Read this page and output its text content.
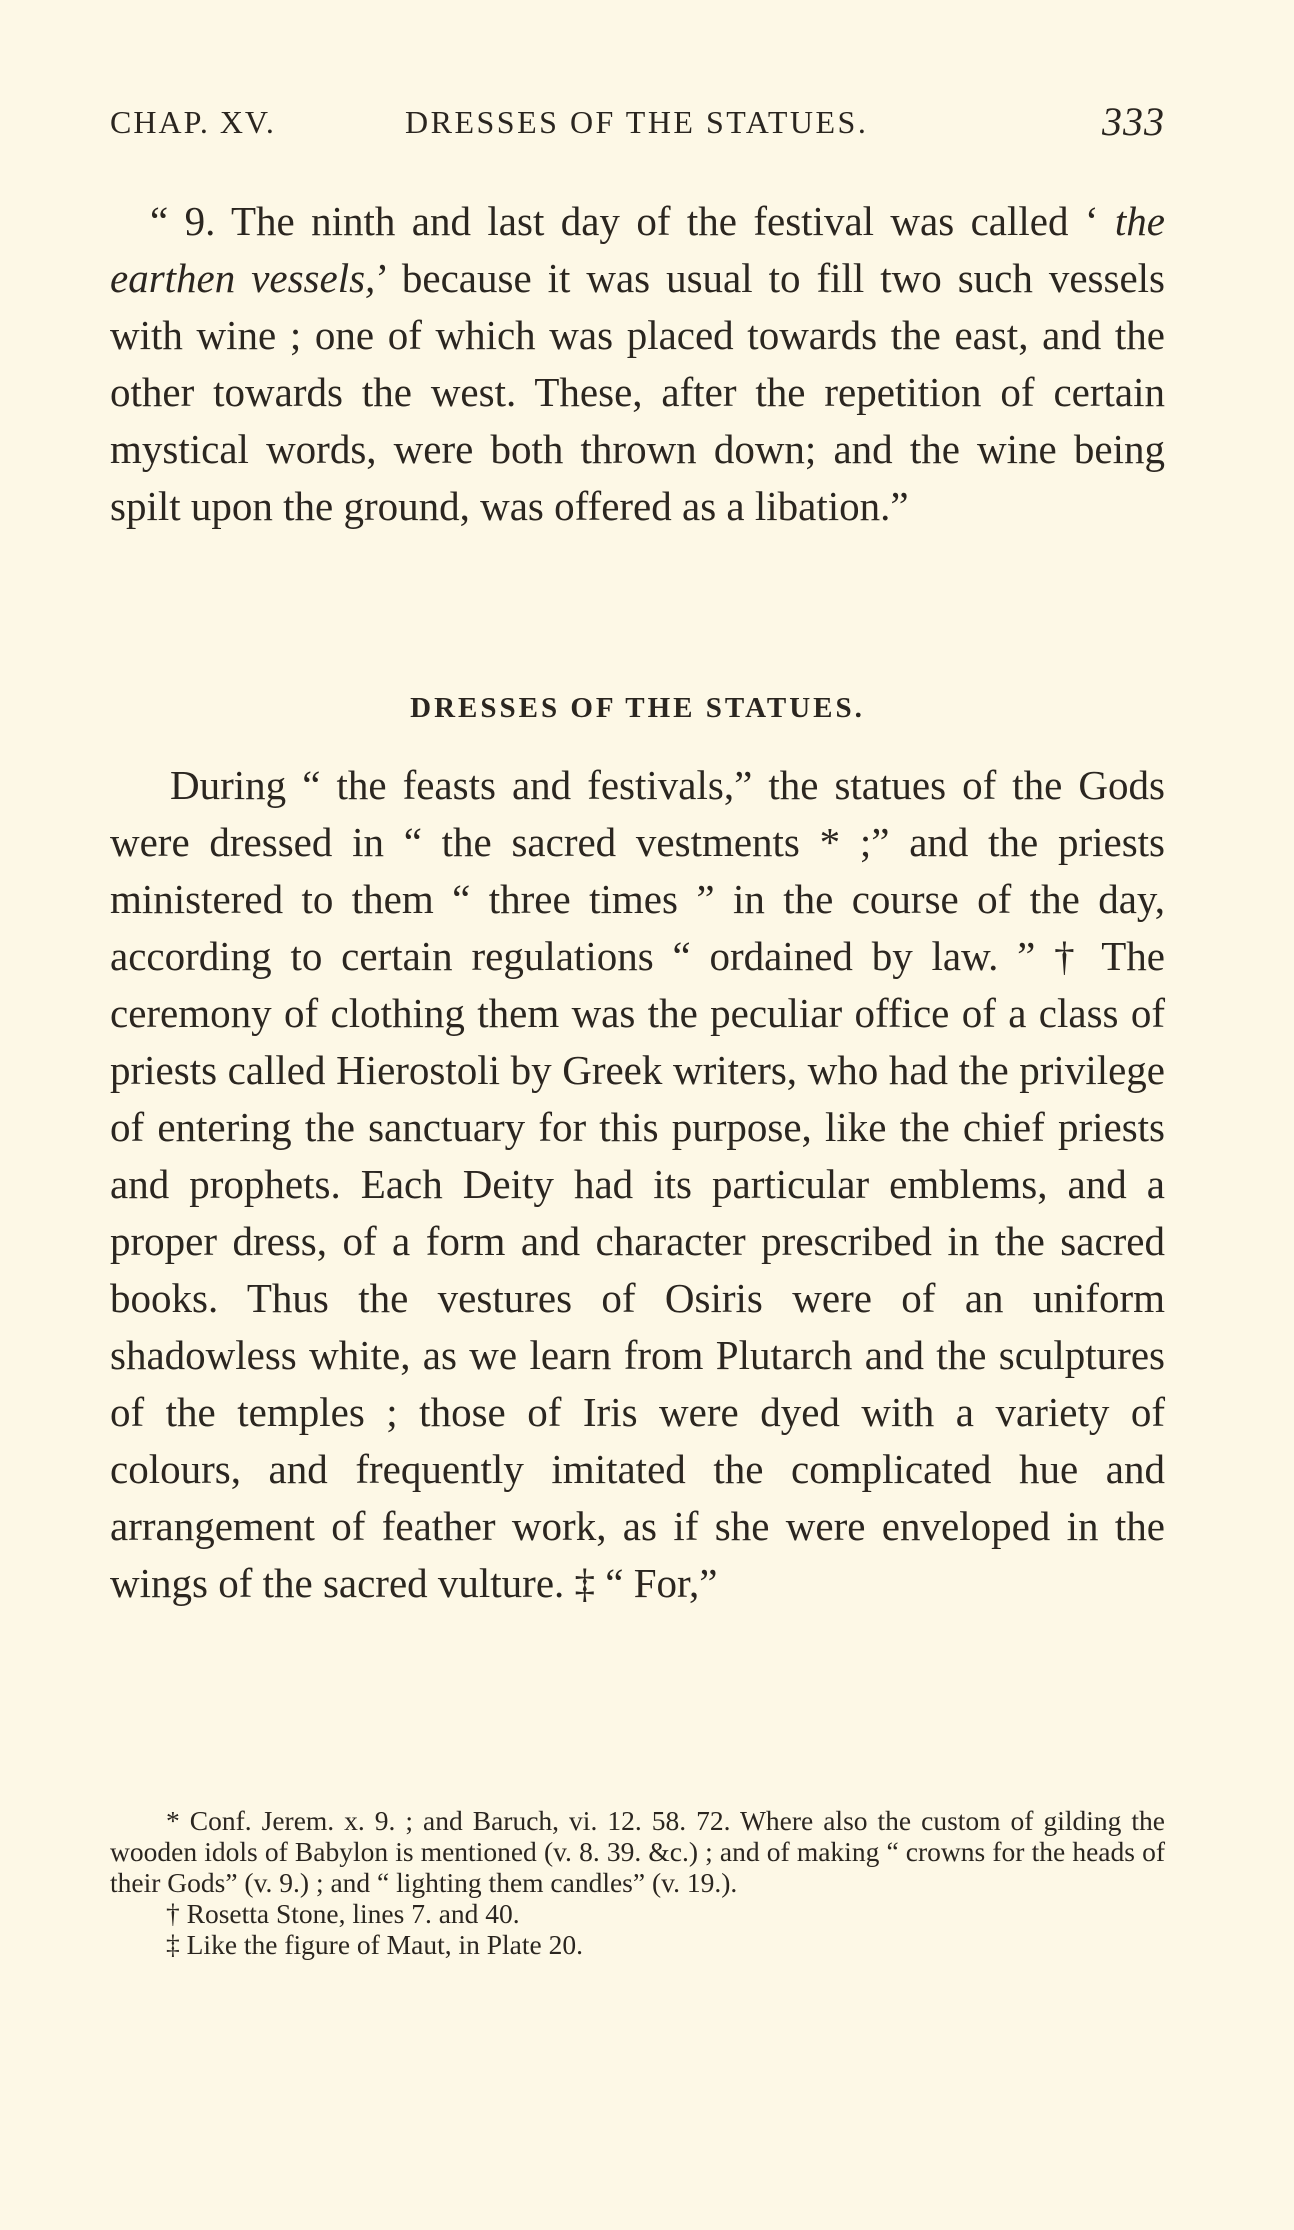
CHAP. XV.	DRESSES OF THE STATUES.	333

“ 9. The ninth and last day of the festival was called ‘ the earthen vessels,’ because it was usual to fill two such vessels with wine ; one of which was placed towards the east, and the other towards the west. These, after the repetition of certain mystical words, were both thrown down; and the wine being spilt upon the ground, was offered as a libation.”

DRESSES OF THE STATUES.

During “ the feasts and festivals,” the statues of the Gods were dressed in “ the sacred vestments * ;” and the priests ministered to them “ three times ” in the course of the day, according to certain regulations “ ordained by law. ” † The ceremony of clothing them was the peculiar office of a class of priests called Hierostoli by Greek writers, who had the privilege of entering the sanctuary for this purpose, like the chief priests and prophets. Each Deity had its particular emblems, and a proper dress, of a form and character prescribed in the sacred books. Thus the vestures of Osiris were of an uniform shadowless white, as we learn from Plutarch and the sculptures of the temples ; those of Iris were dyed with a variety of colours, and frequently imitated the complicated hue and arrangement of feather work, as if she were enveloped in the wings of the sacred vulture. ‡ “ For,”

* Conf. Jerem. x. 9. ; and Baruch, vi. 12. 58. 72. Where also the custom of gilding the wooden idols of Babylon is mentioned (v. 8. 39. &c.) ; and of making “ crowns for the heads of their Gods” (v. 9.) ; and “ lighting them candles” (v. 19.).

† Rosetta Stone, lines 7. and 40.

‡ Like the figure of Maut, in Plate 20.
